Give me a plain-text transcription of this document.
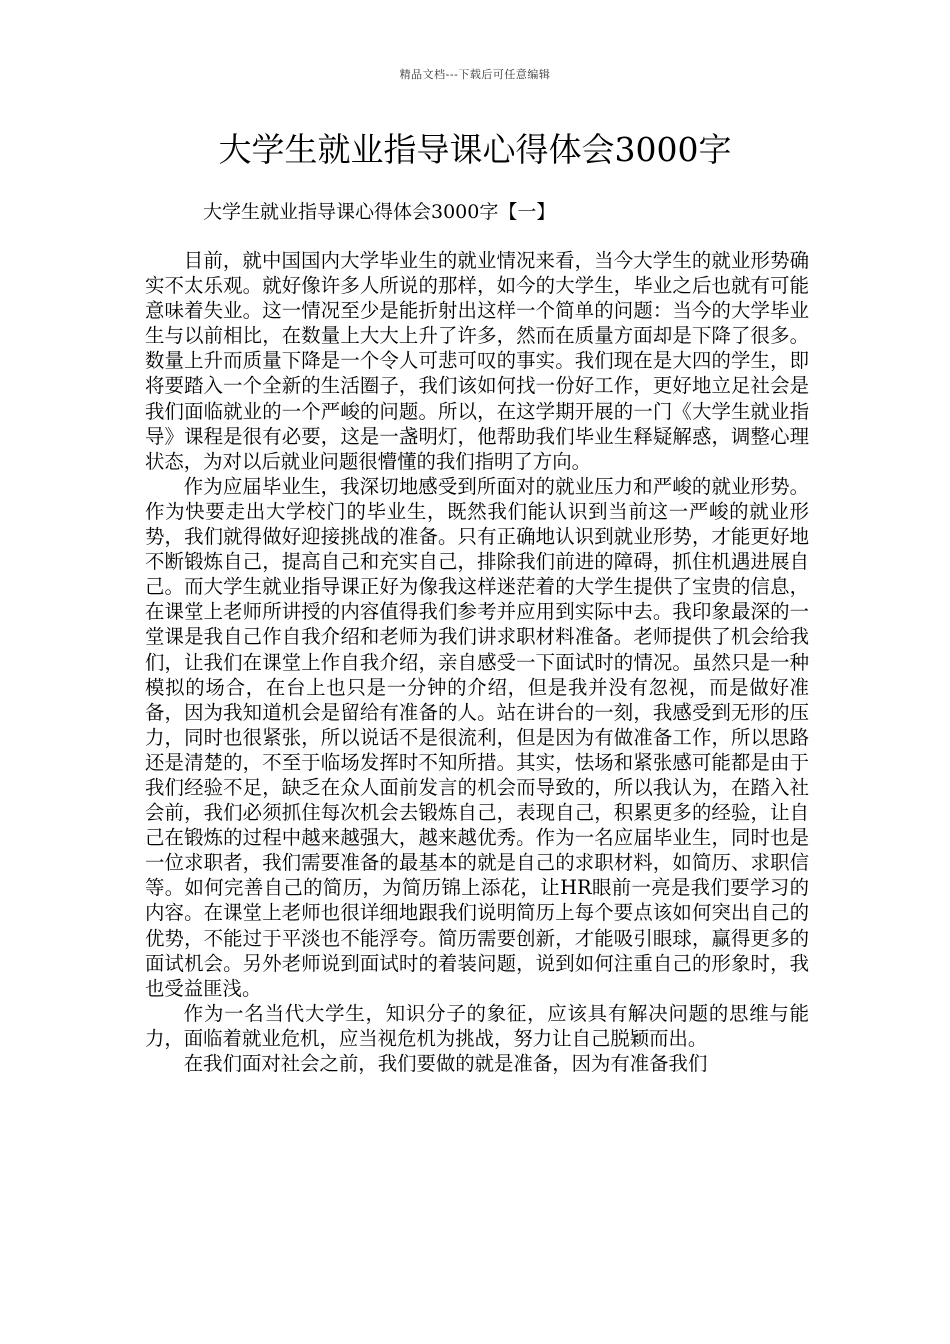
精品文档---下载后可任意编辑
大学生就业指导课心得体会3000字
大学生就业指导课心得体会3000字【一】

目前，就中国国内大学毕业生的就业情况来看，当今大学生的就业形势确实不太乐观。就好像许多人所说的那样，如今的大学生，毕业之后也就有可能意味着失业。这一情况至少是能折射出这样一个简单的问题：当今的大学毕业生与以前相比，在数量上大大上升了许多，然而在质量方面却是下降了很多。数量上升而质量下降是一个令人可悲可叹的事实。我们现在是大四的学生，即将要踏入一个全新的生活圈子，我们该如何找一份好工作，更好地立足社会是我们面临就业的一个严峻的问题。所以，在这学期开展的一门《大学生就业指导》课程是很有必要，这是一盏明灯，他帮助我们毕业生释疑解惑，调整心理状态，为对以后就业问题很懵懂的我们指明了方向。

作为应届毕业生，我深切地感受到所面对的就业压力和严峻的就业形势。作为快要走出大学校门的毕业生，既然我们能认识到当前这一严峻的就业形势，我们就得做好迎接挑战的准备。只有正确地认识到就业形势，才能更好地不断锻炼自己，提高自己和充实自己，排除我们前进的障碍，抓住机遇进展自己。而大学生就业指导课正好为像我这样迷茫着的大学生提供了宝贵的信息，在课堂上老师所讲授的内容值得我们参考并应用到实际中去。我印象最深的一堂课是我自己作自我介绍和老师为我们讲求职材料准备。老师提供了机会给我们，让我们在课堂上作自我介绍，亲自感受一下面试时的情况。虽然只是一种模拟的场合，在台上也只是一分钟的介绍，但是我并没有忽视，而是做好准备，因为我知道机会是留给有准备的人。站在讲台的一刻，我感受到无形的压力，同时也很紧张，所以说话不是很流利，但是因为有做准备工作，所以思路还是清楚的，不至于临场发挥时不知所措。其实，怯场和紧张感可能都是由于我们经验不足，缺乏在众人面前发言的机会而导致的，所以我认为，在踏入社会前，我们必须抓住每次机会去锻炼自己，表现自己，积累更多的经验，让自己在锻炼的过程中越来越强大，越来越优秀。作为一名应届毕业生，同时也是一位求职者，我们需要准备的最基本的就是自己的求职材料，如简历、求职信等。如何完善自己的简历，为简历锦上添花，让HR眼前一亮是我们要学习的内容。在课堂上老师也很详细地跟我们说明简历上每个要点该如何突出自己的优势，不能过于平淡也不能浮夸。简历需要创新，才能吸引眼球，赢得更多的面试机会。另外老师说到面试时的着装问题，说到如何注重自己的形象时，我也受益匪浅。

作为一名当代大学生，知识分子的象征，应该具有解决问题的思维与能力，面临着就业危机，应当视危机为挑战，努力让自己脱颖而出。

在我们面对社会之前，我们要做的就是准备，因为有准备我们
